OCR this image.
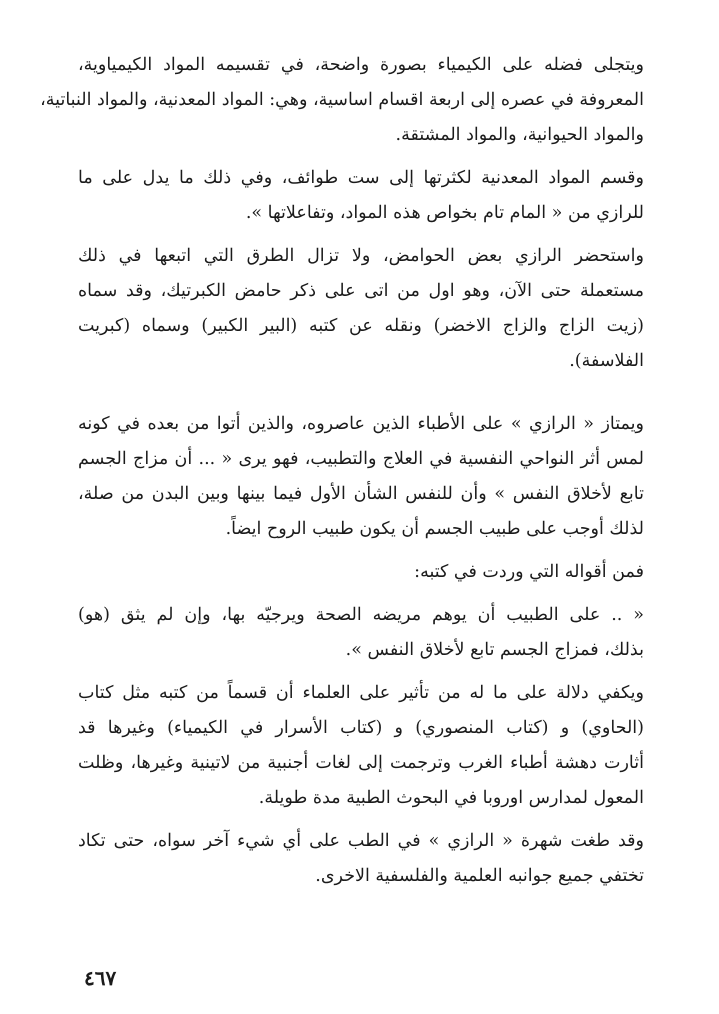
ويتجلى فضله على الكيمياء بصورة واضحة، في تقسيمه المواد الكيمياوية،
المعروفة في عصره إلى اربعة اقسام اساسية، وهي: المواد المعدنية، والمواد النباتية،
والمواد الحيوانية، والمواد المشتقة.
وقسم المواد المعدنية لكثرتها إلى ست طوائف، وفي ذلك ما يدل على ما
للرازي من « المام تام بخواص هذه المواد، وتفاعلاتها ».
واستحضر الرازي بعض الحوامض، ولا تزال الطرق التي اتبعها في ذلك
مستعملة حتى الآن، وهو اول من اتى على ذكر حامض الكبرتيك، وقد سماه
(زيت الزاج والزاج الاخضر) ونقله عن كتبه (البير الكبير) وسماه (كبريت
الفلاسفة).
ويمتاز « الرازي » على الأطباء الذين عاصروه، والذين أتوا من بعده في كونه
لمس أثر النواحي النفسية في العلاج والتطبيب، فهو يرى « ... أن مزاج الجسم
تابع لأخلاق النفس » وأن للنفس الشأن الأول فيما بينها وبين البدن من صلة،
لذلك أوجب على طبيب الجسم أن يكون طبيب الروح ايضاً.
فمن أقواله التي وردت في كتبه:
« .. على الطبيب أن يوهم مريضه الصحة ويرجيّه بها، وإن لم يثق (هو)
بذلك، فمزاج الجسم تابع لأخلاق النفس ».
ويكفي دلالة على ما له من تأثير على العلماء أن قسماً من كتبه مثل كتاب
(الحاوي) و (كتاب المنصوري) و (كتاب الأسرار في الكيمياء) وغيرها قد
أثارت دهشة أطباء الغرب وترجمت إلى لغات أجنبية من لاتينية وغيرها، وظلت
المعول لمدارس اوروبا في البحوث الطبية مدة طويلة.
وقد طغت شهرة « الرازي » في الطب على أي شيء آخر سواه، حتى تكاد
تختفي جميع جوانبه العلمية والفلسفية الاخرى.
٤٦٧
